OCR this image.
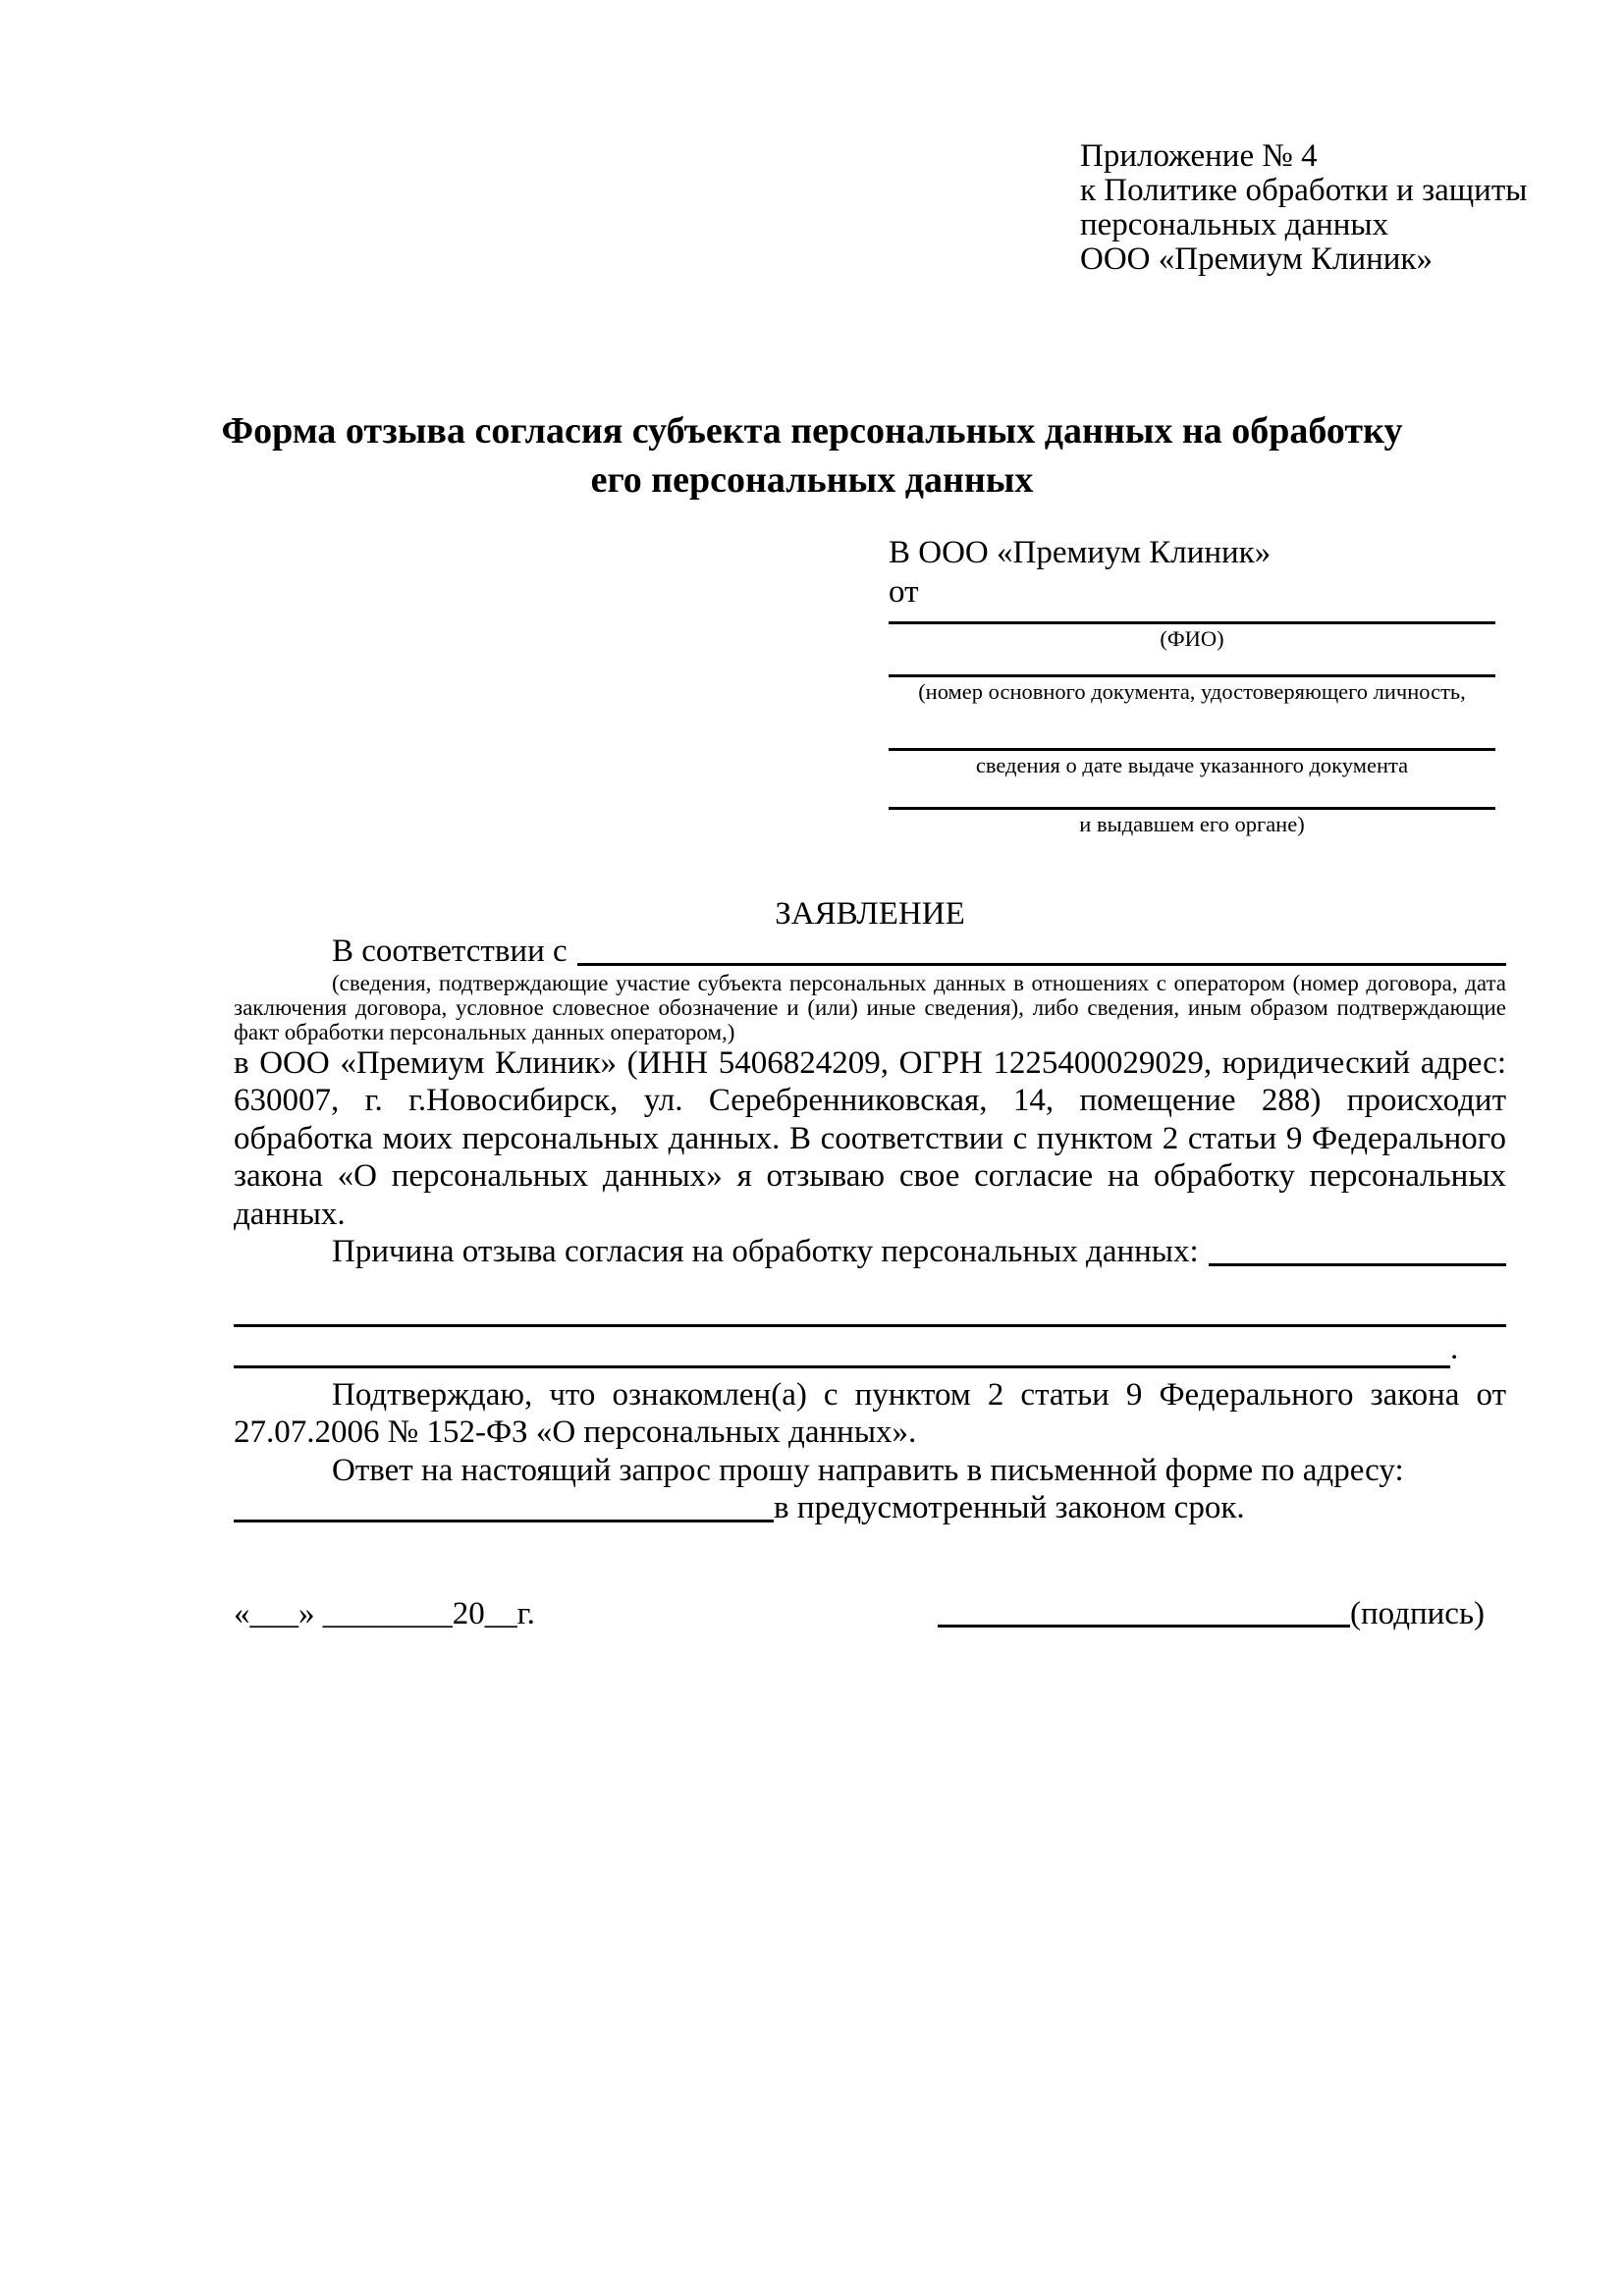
Приложение № 4
к Политике обработки и защиты
персональных данных
ООО «Премиум Клиник»
Форма отзыва согласия субъекта персональных данных на обработку
его персональных данных
В ООО «Премиум Клиник»
от
(ФИО)
(номер основного документа, удостоверяющего личность,
сведения о дате выдаче указанного документа
и выдавшем его органе)
ЗАЯВЛЕНИЕ
В соответствии с

(сведения, подтверждающие участие субъекта персональных данных в отношениях с оператором (номер договора, дата заключения договора, условное словесное обозначение и (или) иные сведения), либо сведения, иным образом подтверждающие факт обработки персональных данных оператором,)

в ООО «Премиум Клиник» (ИНН 5406824209, ОГРН 1225400029029, юридический адрес: 630007, г. г.Новосибирск, ул. Серебренниковская, 14, помещение 288) происходит обработка моих персональных данных. В соответствии с пунктом 2 статьи 9 Федерального закона «О персональных данных» я отзываю свое согласие на обработку персональных данных.

Причина отзыва согласия на обработку персональных данных:
.

Подтверждаю, что ознакомлен(а) с пунктом 2 статьи 9 Федерального закона от 27.07.2006 № 152-ФЗ «О персональных данных».

Ответ на настоящий запрос прошу направить в письменной форме по адресу:

в предусмотренный законом срок.
«___» ________20__г.	(подпись)
